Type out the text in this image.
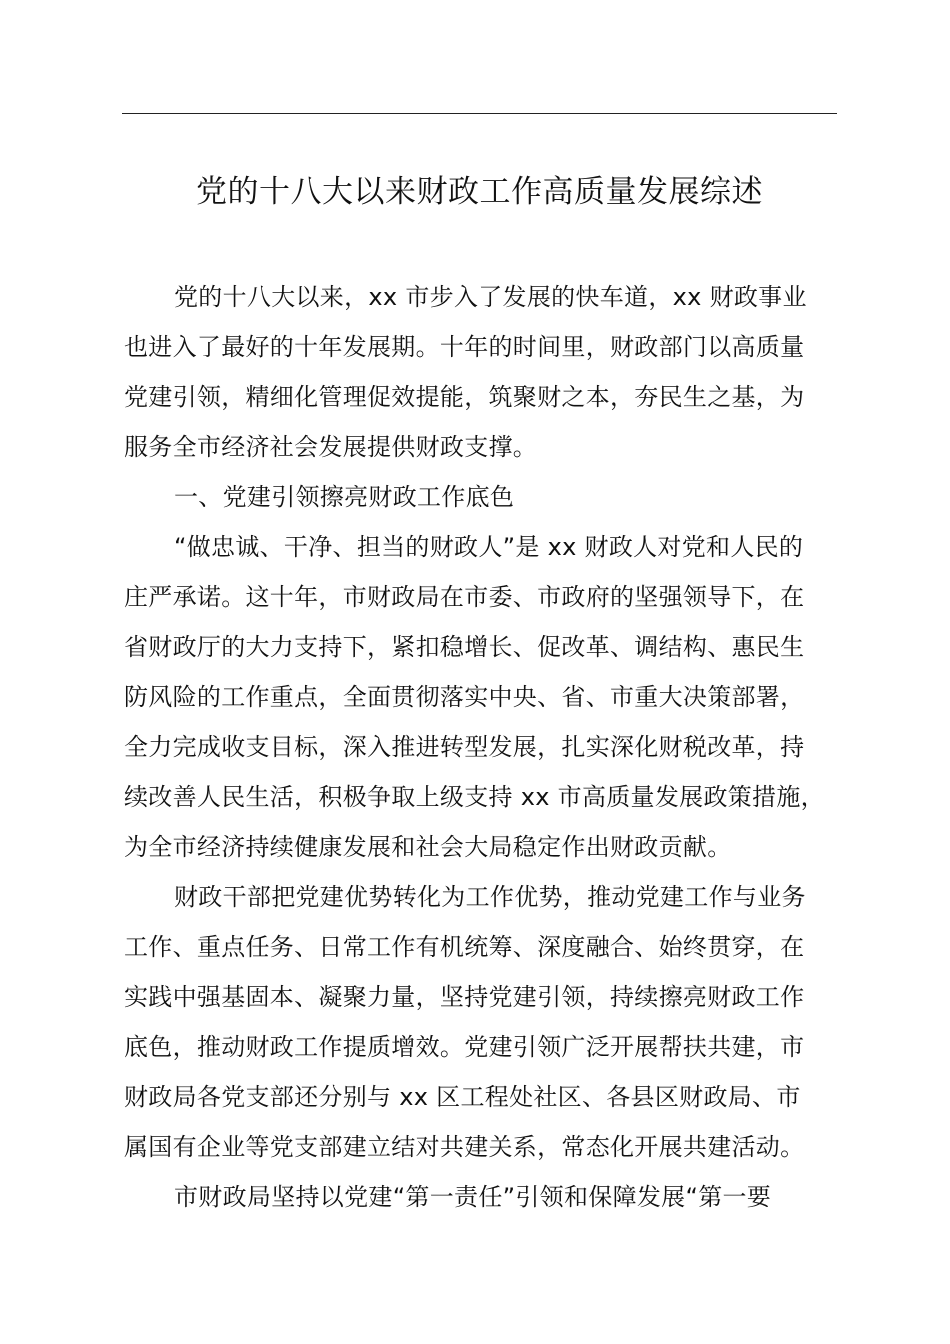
党的十八大以来财政工作高质量发展综述
党的十八大以来，xx 市步入了发展的快车道，xx 财政事业
也进入了最好的十年发展期。十年的时间里，财政部门以高质量
党建引领，精细化管理促效提能，筑聚财之本，夯民生之基，为
服务全市经济社会发展提供财政支撑。
一、党建引领擦亮财政工作底色
“做忠诚、干净、担当的财政人”是 xx 财政人对党和人民的
庄严承诺。这十年，市财政局在市委、市政府的坚强领导下，在
省财政厅的大力支持下，紧扣稳增长、促改革、调结构、惠民生
防风险的工作重点，全面贯彻落实中央、省、市重大决策部署，
全力完成收支目标，深入推进转型发展，扎实深化财税改革，持
续改善人民生活，积极争取上级支持 xx 市高质量发展政策措施，
为全市经济持续健康发展和社会大局稳定作出财政贡献。
财政干部把党建优势转化为工作优势，推动党建工作与业务
工作、重点任务、日常工作有机统筹、深度融合、始终贯穿，在
实践中强基固本、凝聚力量，坚持党建引领，持续擦亮财政工作
底色，推动财政工作提质增效。党建引领广泛开展帮扶共建，市
财政局各党支部还分别与 xx 区工程处社区、各县区财政局、市
属国有企业等党支部建立结对共建关系，常态化开展共建活动。
市财政局坚持以党建“第一责任”引领和保障发展“第一要
